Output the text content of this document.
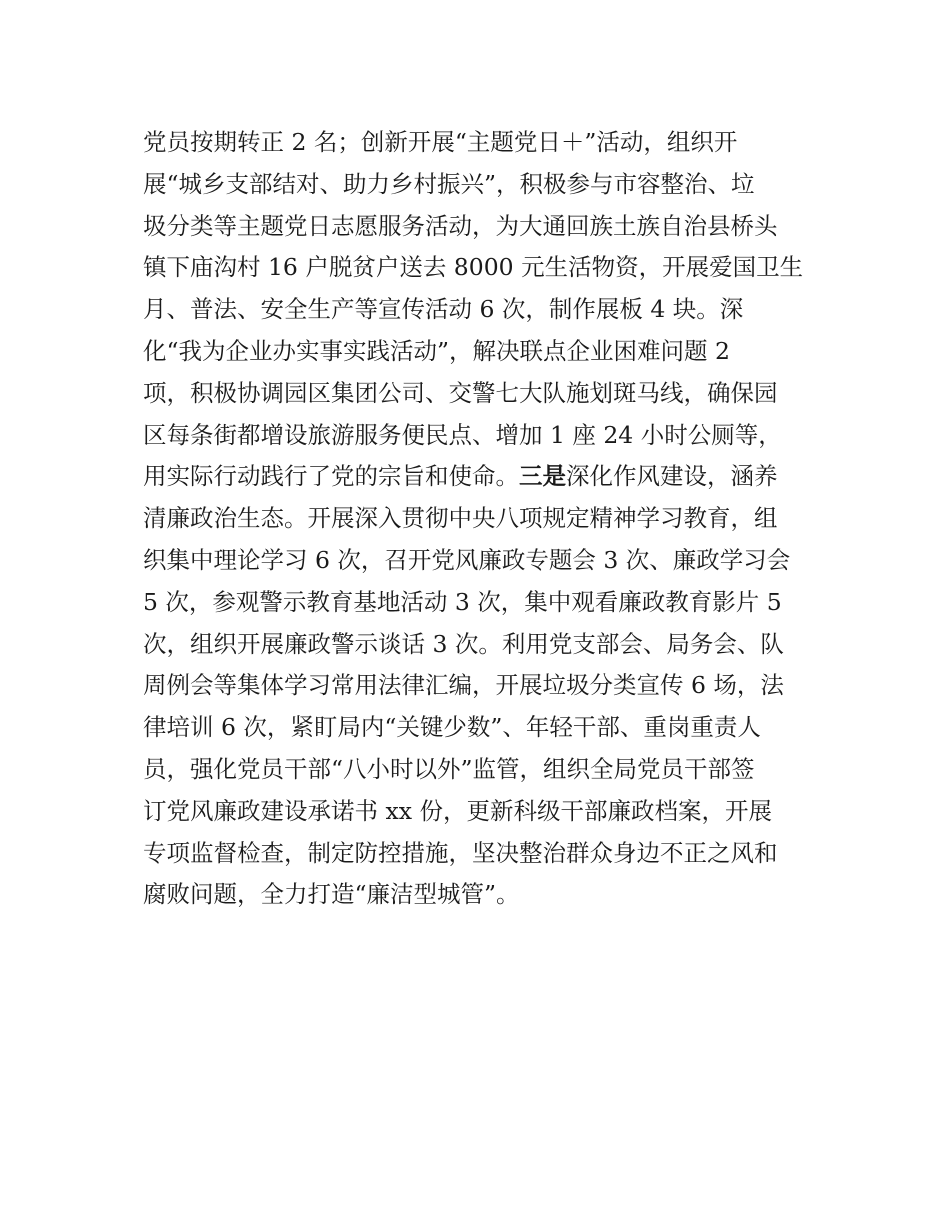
党员按期转正 2 名；创新开展“主题党日＋”活动，组织开
展“城乡支部结对、助力乡村振兴”，积极参与市容整治、垃
圾分类等主题党日志愿服务活动，为大通回族土族自治县桥头
镇下庙沟村 16 户脱贫户送去 8000 元生活物资，开展爱国卫生
月、普法、安全生产等宣传活动 6 次，制作展板 4 块。深
化“我为企业办实事实践活动”，解决联点企业困难问题 2
项，积极协调园区集团公司、交警七大队施划斑马线，确保园
区每条街都增设旅游服务便民点、增加 1 座 24 小时公厕等，
用实际行动践行了党的宗旨和使命。三是深化作风建设，涵养
清廉政治生态。开展深入贯彻中央八项规定精神学习教育，组
织集中理论学习 6 次，召开党风廉政专题会 3 次、廉政学习会
5 次，参观警示教育基地活动 3 次，集中观看廉政教育影片 5
次，组织开展廉政警示谈话 3 次。利用党支部会、局务会、队
周例会等集体学习常用法律汇编，开展垃圾分类宣传 6 场，法
律培训 6 次，紧盯局内“关键少数”、年轻干部、重岗重责人
员，强化党员干部“八小时以外”监管，组织全局党员干部签
订党风廉政建设承诺书 xx 份，更新科级干部廉政档案，开展
专项监督检查，制定防控措施，坚决整治群众身边不正之风和
腐败问题，全力打造“廉洁型城管”。
